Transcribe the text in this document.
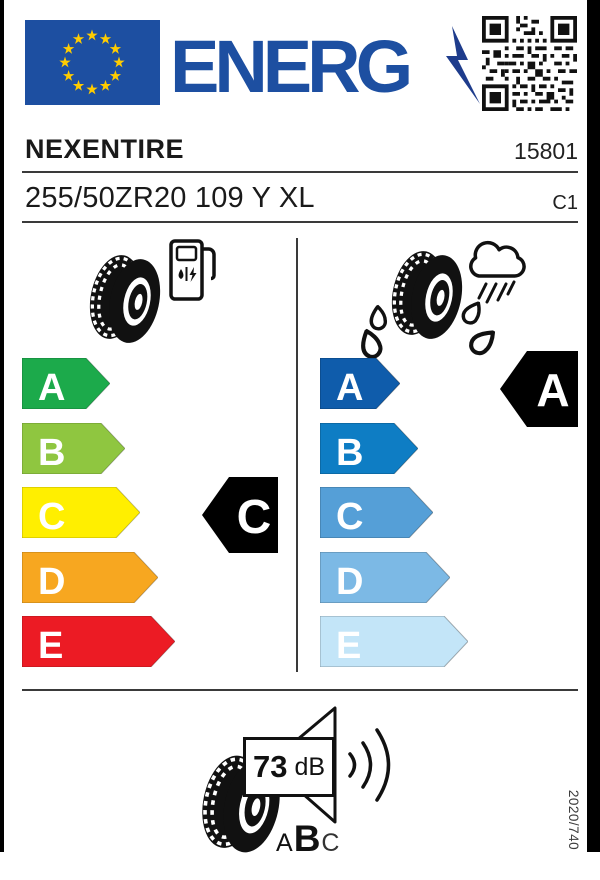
ENERG
NEXENTIRE	15801
255/50ZR20 109 Y XL	C1
A
B
C
D
E
C
A
B
C
D
E
A
73 dB
A B C	2020/740
